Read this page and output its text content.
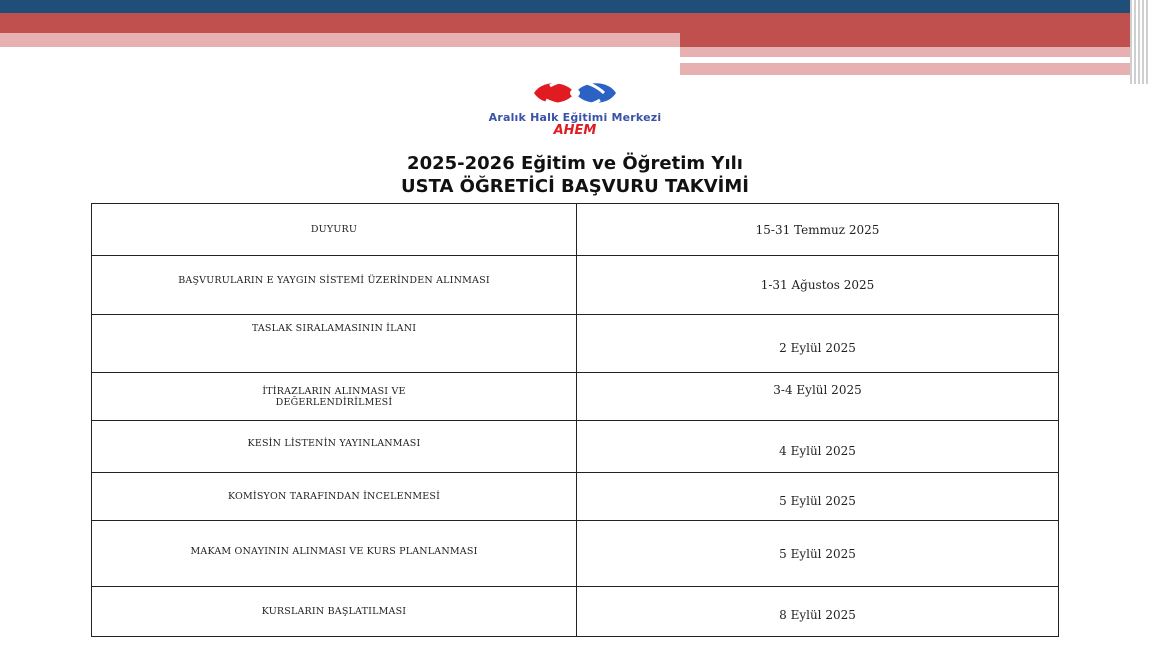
Aralık Halk Eğitimi Merkezi
AHEM
2025-2026 Eğitim ve Öğretim Yılı
USTA ÖĞRETİCİ BAŞVURU TAKVİMİ
DUYURU	15-31 Temmuz 2025
BAŞVURULARIN E YAYGIN SİSTEMİ ÜZERİNDEN ALINMASI	1-31 Ağustos 2025
TASLAK SIRALAMASININ İLANI	2 Eylül 2025
İTİRAZLARIN ALINMASI VE DEĞERLENDİRİLMESİ	3-4 Eylül 2025
KESİN LİSTENİN YAYINLANMASI	4 Eylül 2025
KOMİSYON TARAFINDAN İNCELENMESİ	5 Eylül 2025
MAKAM ONAYININ ALINMASI VE KURS PLANLANMASI	5 Eylül 2025
KURSLARIN BAŞLATILMASI	8 Eylül 2025
